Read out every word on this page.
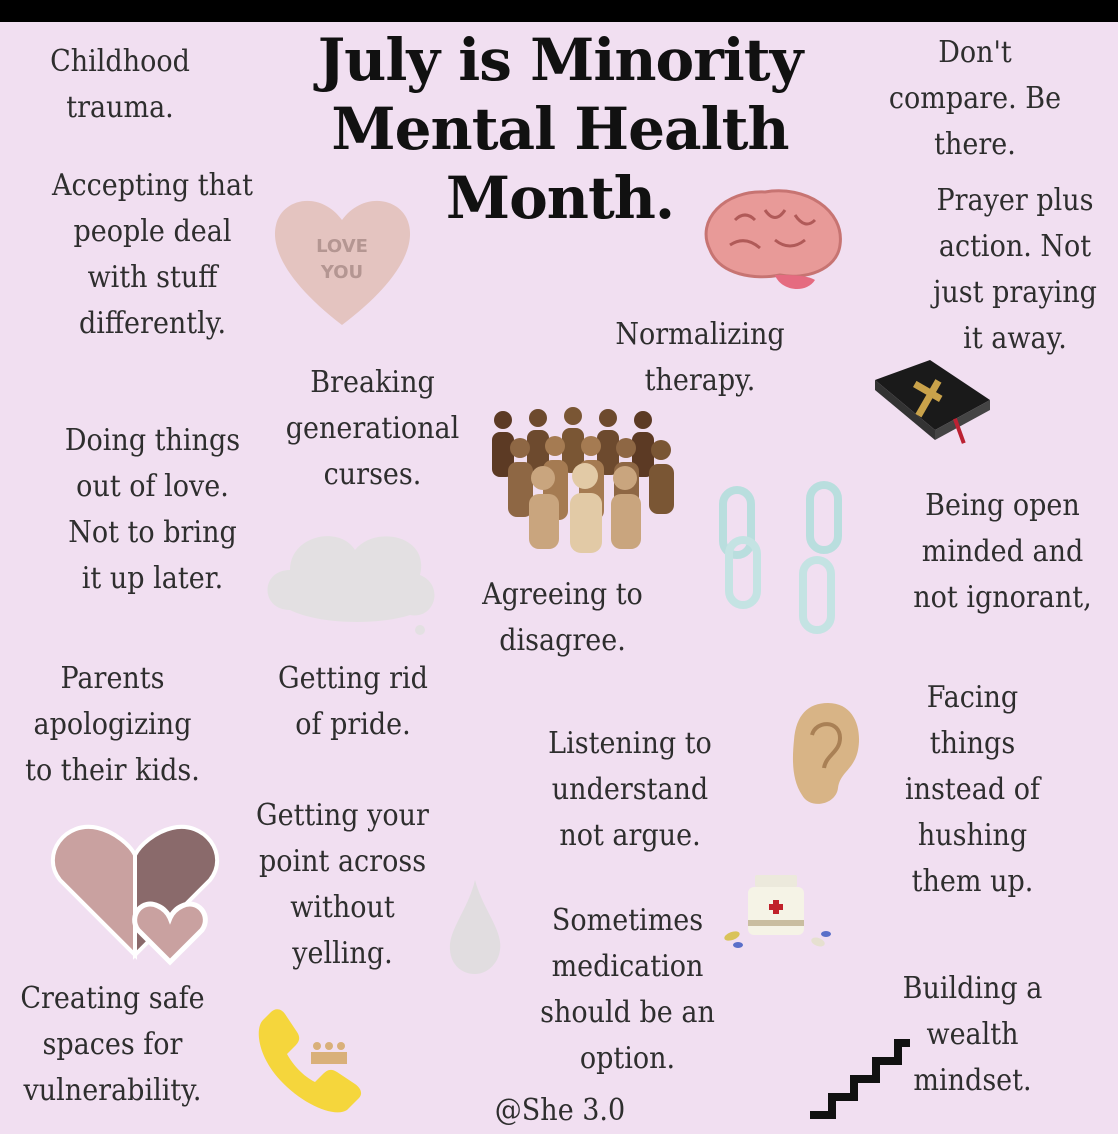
July is Minority
Mental Health
Month.
LOVE
YOU
Childhood
trauma.
Don't
compare. Be
there.
Accepting that
people deal
with stuff
differently.
Prayer plus
action. Not
just praying
it away.
Normalizing
therapy.
Breaking
generational
curses.
Doing things
out of love.
Not to bring
it up later.
Being open
minded and
not ignorant,
Agreeing to
disagree.
Parents
apologizing
to their kids.
Getting rid
of pride.
Facing
things
instead of
hushing
them up.
Listening to
understand
not argue.
Getting your
point across
without
yelling.
Sometimes
medication
should be an
option.
Building a
wealth
mindset.
Creating safe
spaces for
vulnerability.
@She 3.0
